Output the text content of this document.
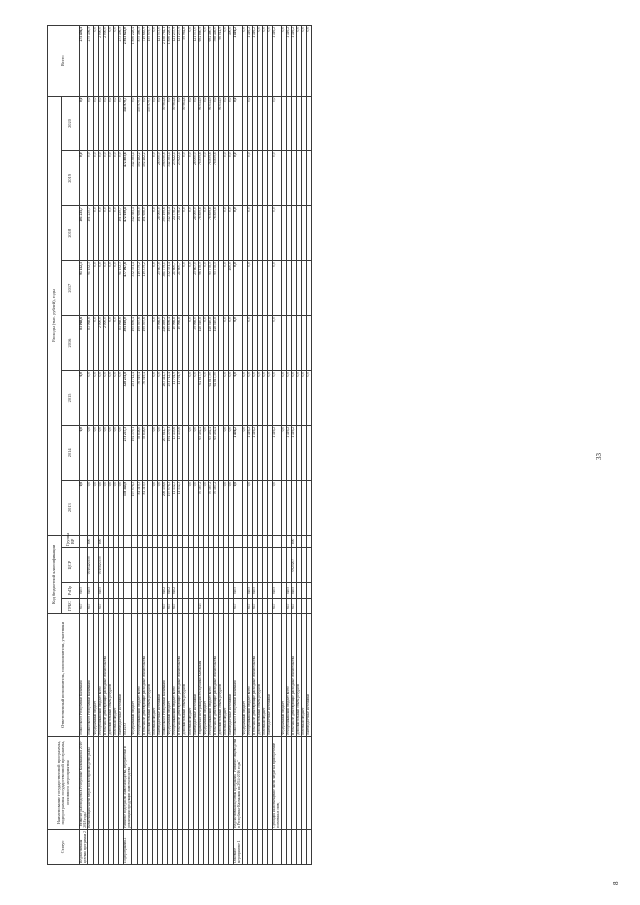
33
8
Статус	Наименование государственной программы, подпрограммы государственной программы, основного мероприятия	Ответственный исполнитель, соисполнители, участники	Код бюджетной классификации				Расходы (тыс. рублей), годы								Всего
			ГРБС	РзПр	ЦСР	Группа ВР	2013	2014	2015	2016	2017	2018	2019	2020	
Ведомственная целевая программа 2	"Развитие рыбоводства в Республике Калмыкия на 2016-2018 годы"	Минсельхоз Республики Калмыкия	617	0405			0,0	0,0	0,0	83 068,6	91 152,3	101 235,7	0,0	0,0	275 456,5
	Компенсация части затрат на воспроизводство рыбы	Минсельхоз Республики Калмыкия	617	0405	0910420350	800	0,0	0,0	0,0	83 068,6	91 152,3	101 235,7	0,0	0,0	275 456,5
		Федеральный бюджет					0,0	0,0	0,0	0,0	0,0	0,0	0,0	0,0	0,0
		Республиканский бюджет всего	617	0405	0910820350	800	0,0	0,0	0,0	2 000,0	0,0	0,0	0,0	0,0	2 000,0
		в том числе действующие расходные обязательства					0,0	0,0	0,0	2 000,0	0,0	0,0	0,0	0,0	2 000,0
		дополнительный объем ресурсов					0,0	0,0	0,0	0,0	0,0	0,0	0,0	0,0	0,0
		Местный бюджет					0,0	0,0	0,0	0,0	0,0	0,0	0,0	0,0	0,0
		Внебюджетные источники					0,0	0,0	0,0	81 068,6	91 152,3	101 235,7	0,0	0,0	273 456,5
Подпрограмма 2	Развитие подотрасли животноводства, переработки и реализации продукции животноводства	ВСЕГО					378 345,9	273 217,3	328 231,8	395 810,0	477 067,6	472 039,4	472 883,6	155 979,7	2 953 625,0
		Федеральный бюджет					197 076,3	194 379,1	251 712,4	195 856,4	332 351,4	342 381,4	342 381,4	0,0	1 856 228,4
		Республиканский бюджет всего					81 319,3	78 838,0	76 519,4	199 597,6	119 379,2	101 658,0	102 482,2	155 979,7	875 466,5
		в том числе действующие расходные обязательства					81 319,5	78 838,0	76 519,4	199 597,6	119 379,2	101 658,0	102 482,2	0,0	719 683,9
		дополнительный объем ресурсов												155 979,7	155 979,7
		Местный бюджет					0,0	0,0	0,0	0,0	0,0	0,0	0,0	0,0	0,0
		Внебюджетные источники					0,0	0,0	0,0	39 966,0	25 607,0	28 000,0	28 000,0	0,0	121 573,0
		Минсельхоз Республики Калмыкия	617	0402			208 158,6	207 814,7	263 414,3	246 469,2	381 779,1	395 199,6	396 050,8	59 964,8	2 158 764,1
		Федеральный бюджет	617	0402			197 076,3	194 379,1	251 712,4	195 856,4	332 351,4	342 381,4	342 381,4	0,0	1 856 228,4
		Республиканский бюджет всего	617	0402			11 132,3	13 435,6	11 701,9	10 966,8	21 600,7	24 778,2	23 622,4	59 964,8	121 237,9
		в том числе действующие расходные обязательства					11 132,3	13 435,6	11 701,9	10 966,8	21 600,7	24 778,2	23 622,4	0,0	121 237,9
		дополнительный объем ресурсов									0,0	0,0	0,0	59 964,8	59 964,8
		Местный бюджет					0,0	0,0	0,0	0,0	0,0	0,0	0,0	0,0	0,0
		Внебюджетные источники					0,0	0,0	0,0	39 966,0	25 607,0	28 000,0	28 000,0	0,0	121 573,0
		Управление ветеринарии Республики Калмыкия	643				70 187,2	65 402,4	64 817,5	148 540,8	96 178,5	76 859,8	76 859,8	96 014,9	694 860,9
		Федеральный бюджет					0,0	0,0	0,0	0,0	0,0	0,0	0,0	0,0	0,0
		Республиканский бюджет всего					70 187,2	65 402,4	64 817,50	148 540,8	95 778,5	76 859,8	76 859,8	96 014,9	694 460,9
		в том числе действующие расходные обязательства					70 187,2	65 402,4	64 817,50	148 540,8	95 778,5	76 859,8	76 859,8	0,0	598 446,0
		дополнительный объем ресурсов												96 014,9	96 014,9
		Местный бюджет					0,0	0,0	0,0	0,0	0,0	0,0	0,0	0,0	0,0
		Внебюджетные источники					0,0	0,0	0,0	0,0	400,0	0,0	0,0	0,0	400,0
Основное мероприятие 1	Ведомственная целевая программа "Развитие овцеводства в Республике Калмыкия на 2014-2016 годы"	Минсельхоз Республики Калмыкия	617	0405			0,0	1 416,2	0,0	0,0	0,0	0,0	0,0	0,0	1 416,2
		Федеральный бюджет						0,0	0,0						0,0
		Республиканский бюджет всего	617	0405			0,0	1 416,2	0,0	0,0	0,0	0,0	0,0	0,0	1 416,2
		в том числе действующие расходные обязательства	617	0405				1 416,2	0,0						1 416,2
		дополнительный объем ресурсов							0,0						0,0
		Местный бюджет							0,0						0,0
		Внебюджетные источники							0,0						0,0
	Субсидия на возмещение части затрат на приобретение племенных овец		617	0405			0,0	1 416,2	0,0	0,0	0,0	0,0	0,0	0,0	1 416,2
		Федеральный бюджет						0,0	0,0						0,0
		Республиканский бюджет всего	617	0405				1 416,2	0,0						1 416,2
		в том числе действующие расходные обязательства	617	0405	0925207	800		1 416,2	0,0						1 416,2
		дополнительный объем ресурсов							0,0						0,0
		Местный бюджет							0,0						0,0
		Внебюджетные источники							0,0						0,0
